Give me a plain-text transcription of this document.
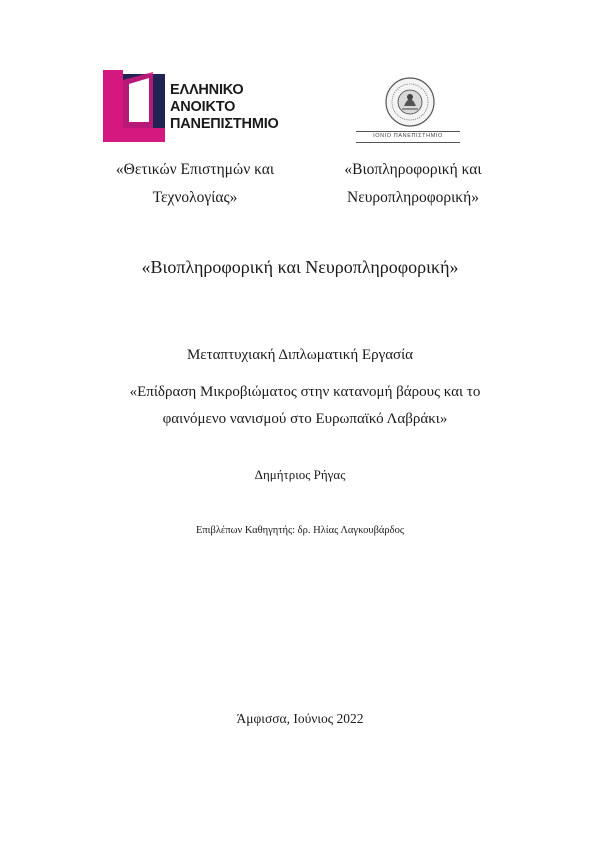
ΕΛΛΗΝΙΚΟ
ΑΝΟΙΚΤΟ
ΠΑΝΕΠΙΣΤΗΜΙΟ
ΙΟΝΙΟ ΠΑΝΕΠΙΣΤΗΜΙΟ
«Θετικών Επιστημών και
Τεχνολογίας»
«Βιοπληροφορική και
Νευροπληροφορική»
«Βιοπληροφορική και Νευροπληροφορική»
Μεταπτυχιακή Διπλωματική Εργασία
«Επίδραση Μικροβιώματος στην κατανομή βάρους και το
φαινόμενο νανισμού στο Ευρωπαϊκό Λαβράκι»
Δημήτριος Ρήγας
Επιβλέπων Καθηγητής: δρ. Ηλίας Λαγκουβάρδος
Άμφισσα, Ιούνιος 2022
